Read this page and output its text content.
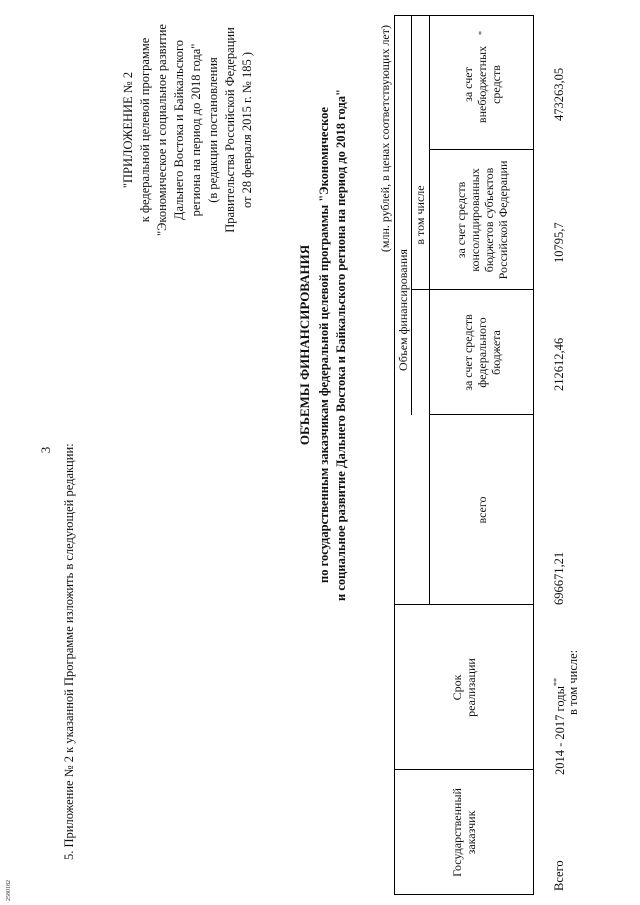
3 5. Приложение № 2 к указанной Программе изложить в следующей редакции:
"ПРИЛОЖЕНИЕ № 2 к федеральной целевой программе "Экономическое и социальное развитие Дальнего Востока и Байкальского региона на период до 2018 года" (в редакции постановления Правительства Российской Федерации от 28 февраля 2015 г. № 185 )
ОБЪЕМЫ ФИНАНСИРОВАНИЯ по государственным заказчикам федеральной целевой программы "Экономическое и социальное развитие Дальнего Востока и Байкальского региона на период до 2018 года"	(млн. рублей, в ценах соответствующих лет)
Государственный заказчик
Срок реализации
Объем финансирования
в том числе
всего
за счет средств федерального бюджета
за счет средств консолидированных бюджетов субъектов Российской Федерации
за счет внебюджетных средств
*
Всего
2014 - 2017 годы**
696671,21
212612,46
10795,7
473263,05
в том числе:
2580182
